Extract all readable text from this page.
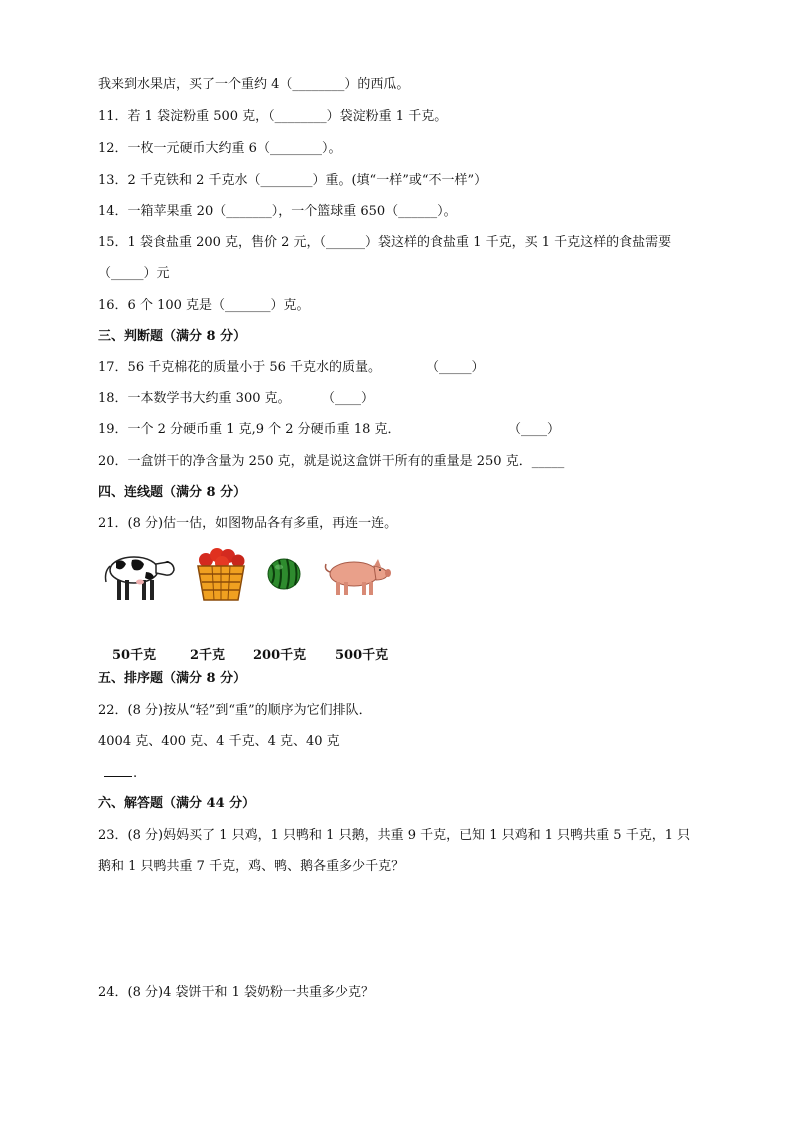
我来到水果店，买了一个重约 4（________）的西瓜。
11．若 1 袋淀粉重 500 克，（________）袋淀粉重 1 千克。
12．一枚一元硬币大约重 6（________）。
13．2 千克铁和 2 千克水（________）重。(填“一样”或“不一样”）
14．一箱苹果重 20（_______），一个篮球重 650（______）。
15．1 袋食盐重 200 克，售价 2 元，（______）袋这样的食盐重 1 千克，买 1 千克这样的食盐需要
（_____）元
16．6 个 100 克是（_______）克。
三、判断题（满分 8 分）
17．56 千克棉花的质量小于 56 千克水的质量。	（_____）
18．一本数学书大约重 300 克。 （____）
19．一个 2 分硬币重 1 克,9 个 2 分硬币重 18 克．	（____）
20．一盒饼干的净含量为 250 克，就是说这盒饼干所有的重量是 250 克．_____
四、连线题（满分 8 分）
21．(8 分)估一估，如图物品各有多重，再连一连。
50千克	2千克 200千克 500千克
五、排序题（满分 8 分）
22．(8 分)按从“轻”到“重”的顺序为它们排队．
4004 克、400 克、4 千克、4 克、40 克
.
六、解答题（满分 44 分）
23．(8 分)妈妈买了 1 只鸡，1 只鸭和 1 只鹅，共重 9 千克，已知 1 只鸡和 1 只鸭共重 5 千克，1 只
鹅和 1 只鸭共重 7 千克，鸡、鸭、鹅各重多少千克？
24．(8 分)4 袋饼干和 1 袋奶粉一共重多少克？
